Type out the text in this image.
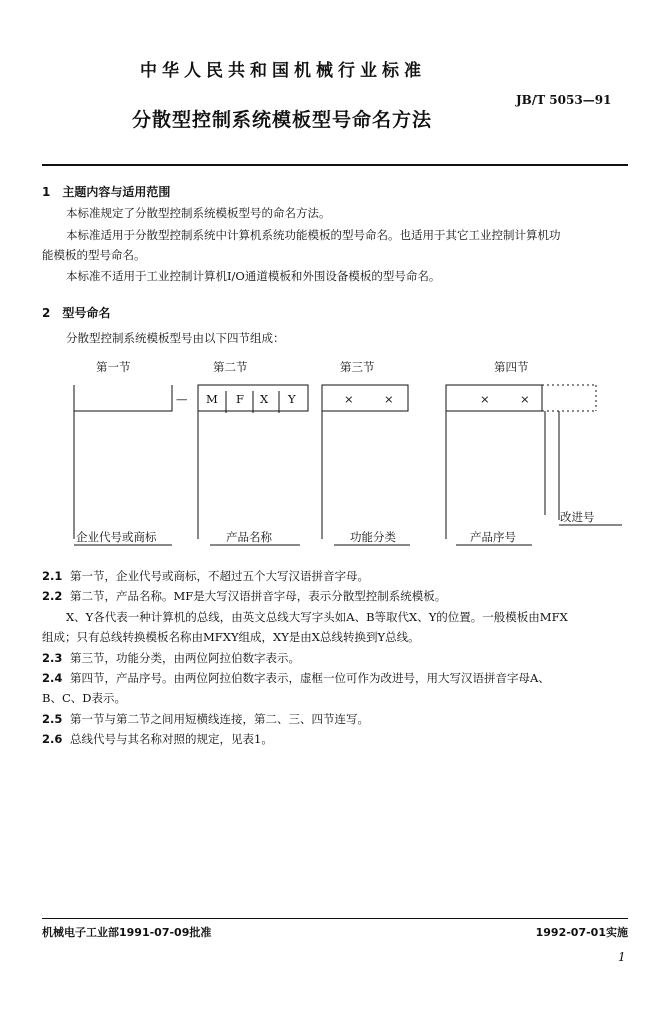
中华人民共和国机械行业标准
JB/T 5053—91
分散型控制系统模板型号命名方法
1　主题内容与适用范围
本标准规定了分散型控制系统模板型号的命名方法。
本标准适用于分散型控制系统中计算机系统功能模板的型号命名。也适用于其它工业控制计算机功
能模板的型号命名。
本标准不适用于工业控制计算机I/O通道模板和外围设备模板的型号命名。
2　型号命名
分散型控制系统模板型号由以下四节组成：
第一节	第二节	第三节	第四节
— M F X Y	×	×	×	×
企业代号或商标	产品名称	功能分类	产品序号
改进号
2.1 第一节，企业代号或商标，不超过五个大写汉语拼音字母。
2.2 第二节，产品名称。MF是大写汉语拼音字母，表示分散型控制系统模板。
X、Y各代表一种计算机的总线，由英文总线大写字头如A、B等取代X、Y的位置。一般模板由MFX
组成；只有总线转换模板名称由MFXY组成，XY是由X总线转换到Y总线。
2.3 第三节，功能分类，由两位阿拉伯数字表示。
2.4 第四节，产品序号。由两位阿拉伯数字表示，虚框一位可作为改进号，用大写汉语拼音字母A、
B、C、D表示。
2.5 第一节与第二节之间用短横线连接，第二、三、四节连写。
2.6 总线代号与其名称对照的规定，见表1。
机械电子工业部1991-07-09批准	1992-07-01实施
1
